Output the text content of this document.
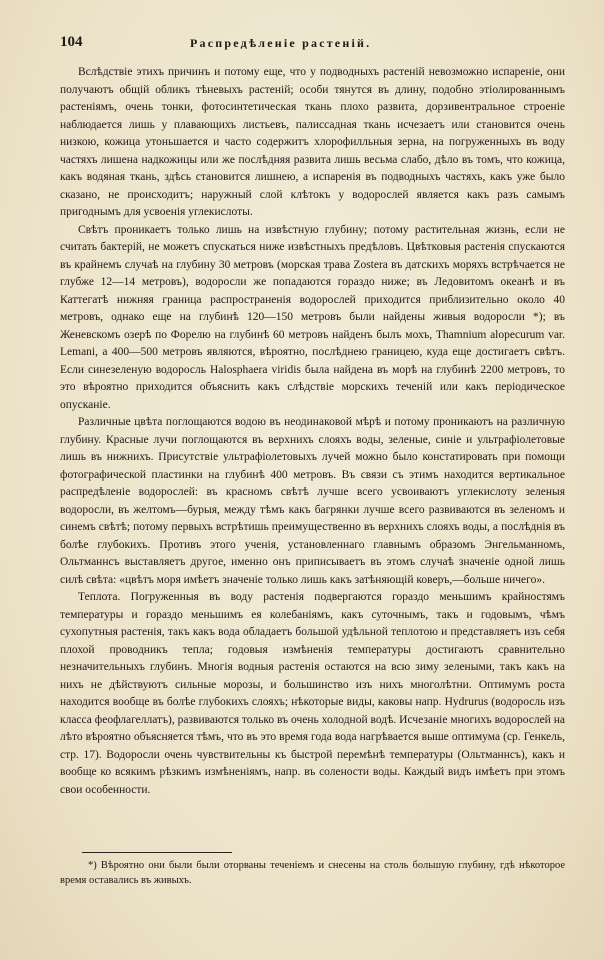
104	Распредѣленіе растеній.

Вслѣдствіе этихъ причинъ и потому еще, что у подводныхъ растеній невозможно испареніе, они получаютъ общій обликъ тѣневыхъ растеній; особи тянутся въ длину, подобно этіолированнымъ растеніямъ, очень тонки, фотосинтетическая ткань плохо развита, дорзивентральное строеніе наблюдается лишь у плавающихъ листьевъ, палиссадная ткань исчезаетъ или становится очень низкою, кожица утоньшается и часто содержитъ хлорофилльныя зерна, на погруженныхъ въ воду частяхъ лишена надкожицы или же послѣдняя развита лишь весьма слабо, дѣло въ томъ, что кожица, какъ водяная ткань, здѣсь становится лишнею, а испаренія въ подводныхъ частяхъ, какъ уже было сказано, не происходитъ; наружный слой клѣтокъ у водорослей является какъ разъ самымъ пригоднымъ для усвоенія углекислоты.

Свѣтъ проникаетъ только лишь на извѣстную глубину; потому растительная жизнь, если не считать бактерій, не можетъ спускаться ниже извѣстныхъ предѣловъ. Цвѣтковыя растенія спускаются въ крайнемъ случаѣ на глубину 30 метровъ (морская трава Zostera въ датскихъ моряхъ встрѣчается не глубже 12—14 метровъ), водоросли же попадаются гораздо ниже; въ Ледовитомъ океанѣ и въ Каттегатѣ нижняя граница распространенія водорослей приходится приблизительно около 40 метровъ, однако еще на глубинѣ 120—150 метровъ были найдены живыя водоросли *); въ Женевскомъ озерѣ по Форелю на глубинѣ 60 метровъ найденъ былъ мохъ, Thamnium alopecurum var. Lemani, а 400—500 метровъ являются, вѣроятно, послѣднею границею, куда еще достигаетъ свѣтъ. Если синезеленую водоросль Halosphaera viridis была найдена въ морѣ на глубинѣ 2200 метровъ, то это вѣроятно приходится объяснить какъ слѣдствіе морскихъ теченій или какъ періодическое опусканіе.

Различные цвѣта поглощаются водою въ неодинаковой мѣрѣ и потому проникаютъ на различную глубину. Красные лучи поглощаются въ верхнихъ слояхъ воды, зеленые, синіе и ультрафіолетовые лишь въ нижнихъ. Присутствіе ультрафіолетовыхъ лучей можно было констатировать при помощи фотографической пластинки на глубинѣ 400 метровъ. Въ связи съ этимъ находится вертикальное распредѣленіе водорослей: въ красномъ свѣтѣ лучше всего усвоиваютъ углекислоту зеленыя водоросли, въ желтомъ—бурыя, между тѣмъ какъ багрянки лучше всего развиваются въ зеленомъ и синемъ свѣтѣ; потому первыхъ встрѣтишь преимущественно въ верхнихъ слояхъ воды, а послѣднія въ болѣе глубокихъ. Противъ этого ученія, установленнаго главнымъ образомъ Энгельманномъ, Ольтманнсъ выставляетъ другое, именно онъ приписываетъ въ этомъ случаѣ значеніе одной лишь силѣ свѣта: «цвѣтъ моря имѣетъ значеніе только лишь какъ затѣняющій коверъ,—больше ничего».

Теплота. Погруженныя въ воду растенія подвергаются гораздо меньшимъ крайностямъ температуры и гораздо меньшимъ ея колебаніямъ, какъ суточнымъ, такъ и годовымъ, чѣмъ сухопутныя растенія, такъ какъ вода обладаетъ большой удѣльной теплотою и представляетъ изъ себя плохой проводникъ тепла; годовыя измѣненія температуры достигаютъ сравнительно незначительныхъ глубинъ. Многія водныя растенія остаются на всю зиму зелеными, такъ какъ на нихъ не дѣйствуютъ сильные морозы, и большинство изъ нихъ многолѣтни. Оптимумъ роста находится вообще въ болѣе глубокихъ слояхъ; нѣкоторые виды, каковы напр. Hydrurus (водоросль изъ класса феофлагеллатъ), развиваются только въ очень холодной водѣ. Исчезаніе многихъ водорослей на лѣто вѣроятно объясняется тѣмъ, что въ это время года вода нагрѣвается выше оптимума (ср. Генкель, стр. 17). Водоросли очень чувствительны къ быстрой перемѣнѣ температуры (Ольтманнсъ), какъ и вообще ко всякимъ рѣзкимъ измѣненіямъ, напр. въ солености воды. Каждый видъ имѣетъ при этомъ свои особенности.

*) Вѣроятно они были были оторваны теченіемъ и снесены на столь большую глубину, гдѣ нѣкоторое время оставались въ живыхъ.
